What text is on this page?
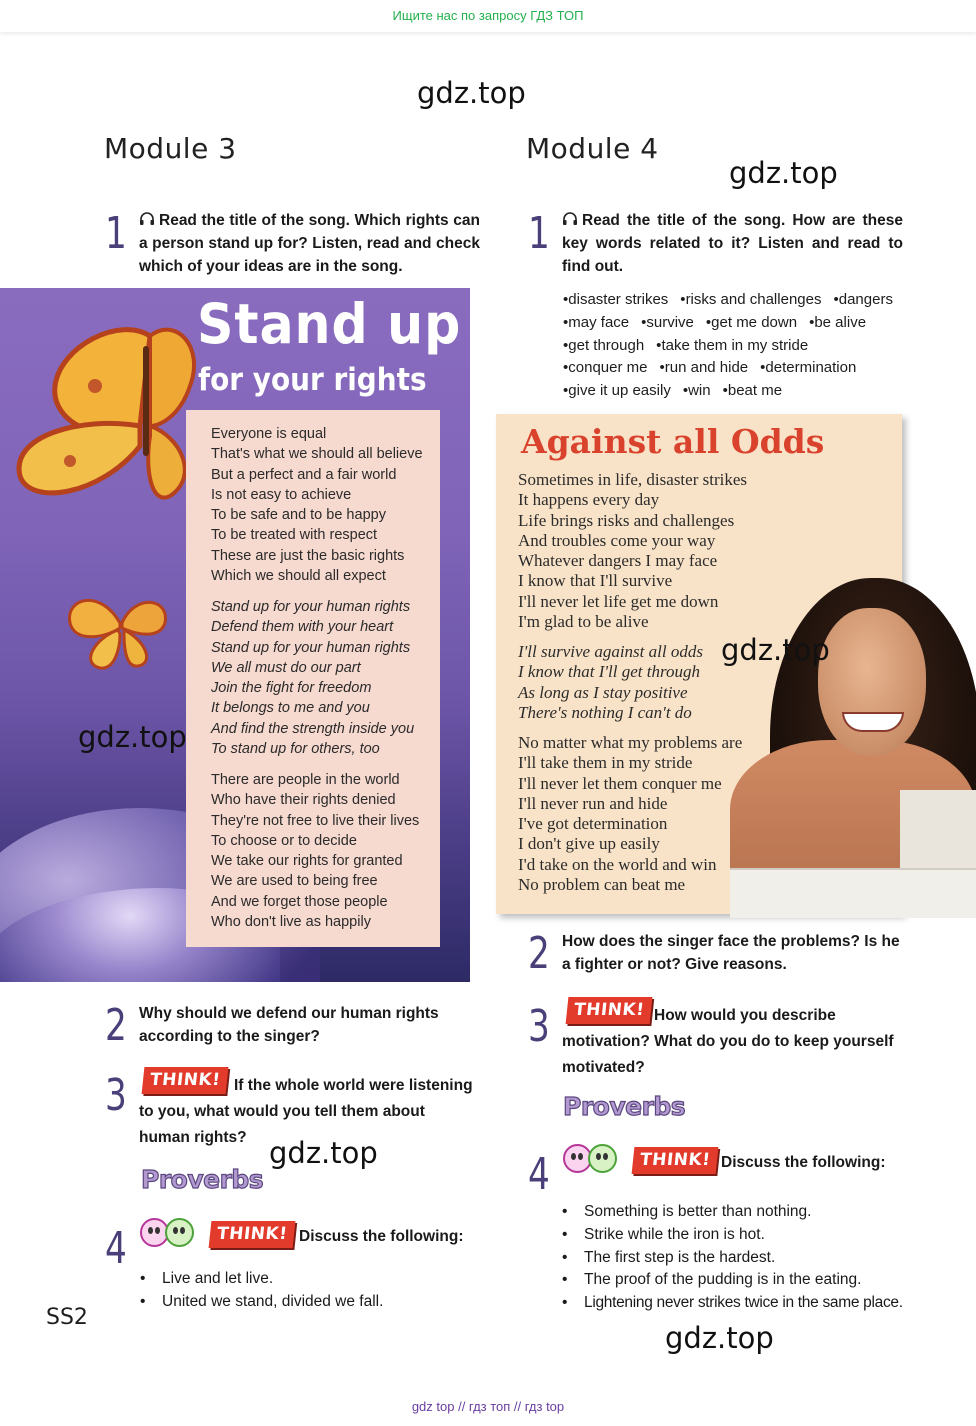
Ищите нас по запросу ГДЗ ТОП
gdz.top
gdz.top
Module 3	Module 4
1	Read the title of the song. Which rights can a person stand up for? Listen, read and check which of your ideas are in the song.
Stand up
for your rights
Everyone is equal
That's what we should all believe
But a perfect and a fair world
Is not easy to achieve
To be safe and to be happy
To be treated with respect
These are just the basic rights
Which we should all expect
Stand up for your human rights
Defend them with your heart
Stand up for your human rights
We all must do our part
Join the fight for freedom
It belongs to me and you
And find the strength inside you
To stand up for others, too
There are people in the world
Who have their rights denied
They're not free to live their lives
To choose or to decide
We take our rights for granted
We are used to being free
And we forget those people
Who don't live as happily
gdz.top
2 Why should we defend our human rights according to the singer?
3	THINK! If the whole world were listening to you, what would you tell them about human rights?
Proverbs
gdz.top
4	THINK! Discuss the following:
• Live and let live.
• United we stand, divided we fall.
SS2
1	Read the title of the song. How are these key words related to it? Listen and read to find out.
•disaster strikes •risks and challenges •dangers
•may face •survive •get me down •be alive
•get through •take them in my stride
•conquer me •run and hide •determination
•give it up easily •win •beat me
Against all Odds
Sometimes in life, disaster strikes
It happens every day
Life brings risks and challenges
And troubles come your way
Whatever dangers I may face
I know that I'll survive
I'll never let life get me down
I'm glad to be alive
I'll survive against all odds
I know that I'll get through
As long as I stay positive
There's nothing I can't do
No matter what my problems are
I'll take them in my stride
I'll never let them conquer me
I'll never run and hide
I've got determination
I don't give up easily
I'd take on the world and win
No problem can beat me
gdz.top
2 How does the singer face the problems? Is he a fighter or not? Give reasons.
3	THINK! How would you describe motivation? What do you do to keep yourself motivated?
Proverbs
4	THINK! Discuss the following:
• Something is better than nothing.
• Strike while the iron is hot.
• The first step is the hardest.
• The proof of the pudding is in the eating.
• Lightening never strikes twice in the same place.
gdz.top
gdz top // гдз топ // гдз top
